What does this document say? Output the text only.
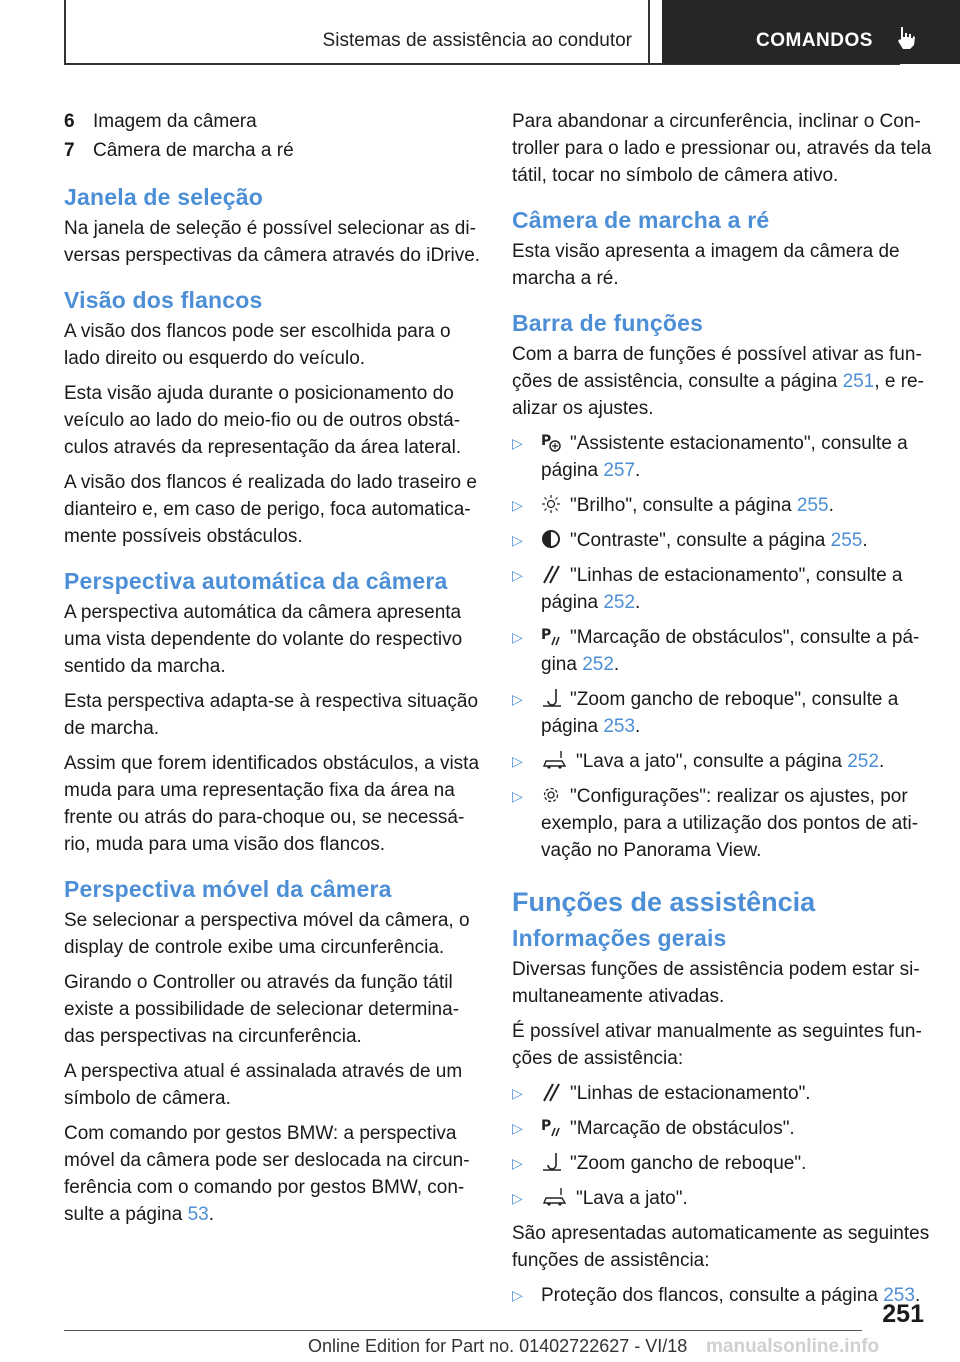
Sistemas de assistência ao condutor	COMANDOS
6 Imagem da câmera
7 Câmera de marcha a ré
Janela de seleção

Na janela de seleção é possível selecionar as diversas perspectivas da câmera através do iDrive.

Visão dos flancos

A visão dos flancos pode ser escolhida para o lado direito ou esquerdo do veículo.

Esta visão ajuda durante o posicionamento do veículo ao lado do meio-fio ou de outros obstáculos através da representação da área lateral.

A visão dos flancos é realizada do lado traseiro e dianteiro e, em caso de perigo, foca automaticamente possíveis obstáculos.

Perspectiva automática da câmera

A perspectiva automática da câmera apresenta uma vista dependente do volante do respectivo sentido da marcha.

Esta perspectiva adapta-se à respectiva situação de marcha.

Assim que forem identificados obstáculos, a vista muda para uma representação fixa da área na frente ou atrás do para-choque ou, se necessário, muda para uma visão dos flancos.

Perspectiva móvel da câmera

Se selecionar a perspectiva móvel da câmera, o display de controle exibe uma circunferência.

Girando o Controller ou através da função tátil existe a possibilidade de selecionar determinadas perspectivas na circunferência.

A perspectiva atual é assinalada através de um símbolo de câmera.

Com comando por gestos BMW: a perspectiva móvel da câmera pode ser deslocada na circunferência com o comando por gestos BMW, consulte a página 53.

Para abandonar a circunferência, inclinar o Controller para o lado e pressionar ou, através da tela tátil, tocar no símbolo de câmera ativo.

Câmera de marcha a ré

Esta visão apresenta a imagem da câmera de marcha a ré.

Barra de funções

Com a barra de funções é possível ativar as funções de assistência, consulte a página 251, e realizar os ajustes.

▷	P "Assistente estacionamento", consulte a página 257.
▷	"Brilho", consulte a página 255.
▷	"Contraste", consulte a página 255.
▷	"Linhas de estacionamento", consulte a página 252.
▷	P "Marcação de obstáculos", consulte a página 252.
▷	"Zoom gancho de reboque", consulte a página 253.
▷	"Lava a jato", consulte a página 252.
▷	"Configurações": realizar os ajustes, por exemplo, para a utilização dos pontos de ativação no Panorama View.
Funções de assistência
Informações gerais

Diversas funções de assistência podem estar simultaneamente ativadas.

É possível ativar manualmente as seguintes funções de assistência:

▷	"Linhas de estacionamento".
▷	P "Marcação de obstáculos".
▷	"Zoom gancho de reboque".
▷	"Lava a jato".

São apresentadas automaticamente as seguintes funções de assistência:

▷ Proteção dos flancos, consulte a página 253.
251
Online Edition for Part no. 01402722627 - VI/18 manualsonline.info
